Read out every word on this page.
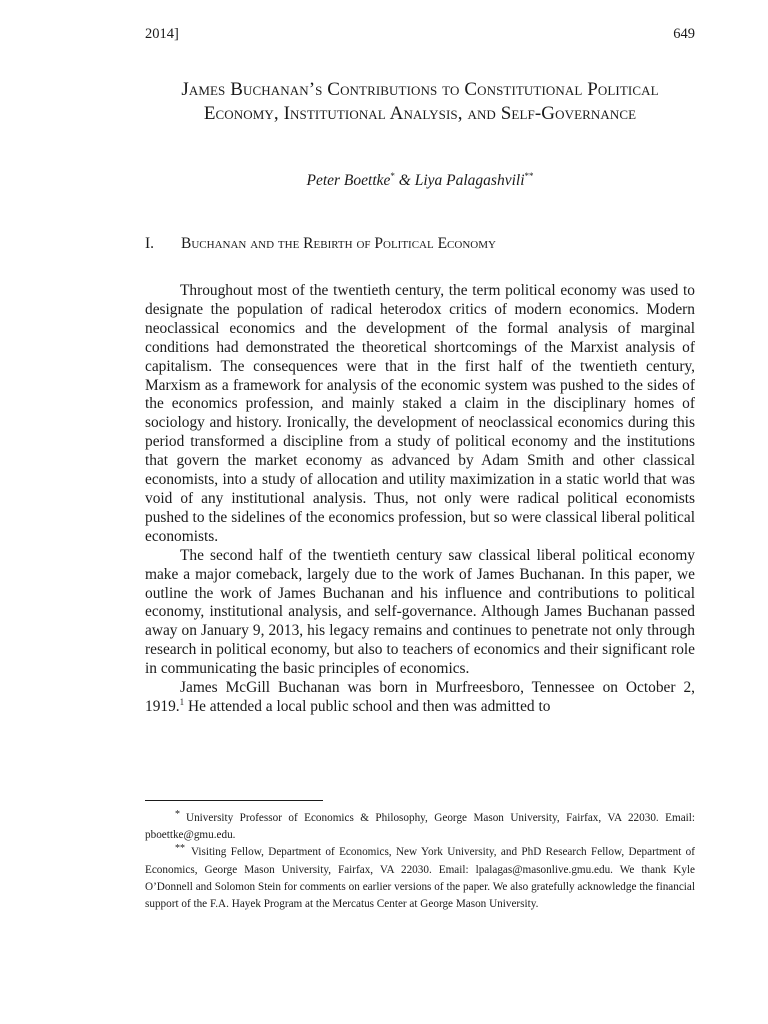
2014]	649
James Buchanan’s Contributions to Constitutional Political Economy, Institutional Analysis, and Self-Governance
Peter Boettke* & Liya Palagashvili**
I.	Buchanan and the Rebirth of Political Economy

Throughout most of the twentieth century, the term political economy was used to designate the population of radical heterodox critics of modern economics. Modern neoclassical economics and the development of the formal analysis of marginal conditions had demonstrated the theoretical shortcomings of the Marxist analysis of capitalism. The consequences were that in the first half of the twentieth century, Marxism as a framework for analysis of the economic system was pushed to the sides of the economics profession, and mainly staked a claim in the disciplinary homes of sociology and history. Ironically, the development of neoclassical economics during this period transformed a discipline from a study of political economy and the institutions that govern the market economy as advanced by Adam Smith and other classical economists, into a study of allocation and utility maximization in a static world that was void of any institutional analysis. Thus, not only were radical political economists pushed to the sidelines of the economics profession, but so were classical liberal political economists.

The second half of the twentieth century saw classical liberal political economy make a major comeback, largely due to the work of James Buchanan. In this paper, we outline the work of James Buchanan and his influence and contributions to political economy, institutional analysis, and self-governance. Although James Buchanan passed away on January 9, 2013, his legacy remains and continues to penetrate not only through research in political economy, but also to teachers of economics and their significant role in communicating the basic principles of economics.

James McGill Buchanan was born in Murfreesboro, Tennessee on October 2, 1919.$^1$ He attended a local public school and then was admitted to

* University Professor of Economics & Philosophy, George Mason University, Fairfax, VA 22030. Email: pboettke@gmu.edu.

** Visiting Fellow, Department of Economics, New York University, and PhD Research Fellow, Department of Economics, George Mason University, Fairfax, VA 22030. Email: lpalagas@masonlive.gmu.edu. We thank Kyle O’Donnell and Solomon Stein for comments on earlier versions of the paper. We also gratefully acknowledge the financial support of the F.A. Hayek Program at the Mercatus Center at George Mason University.
